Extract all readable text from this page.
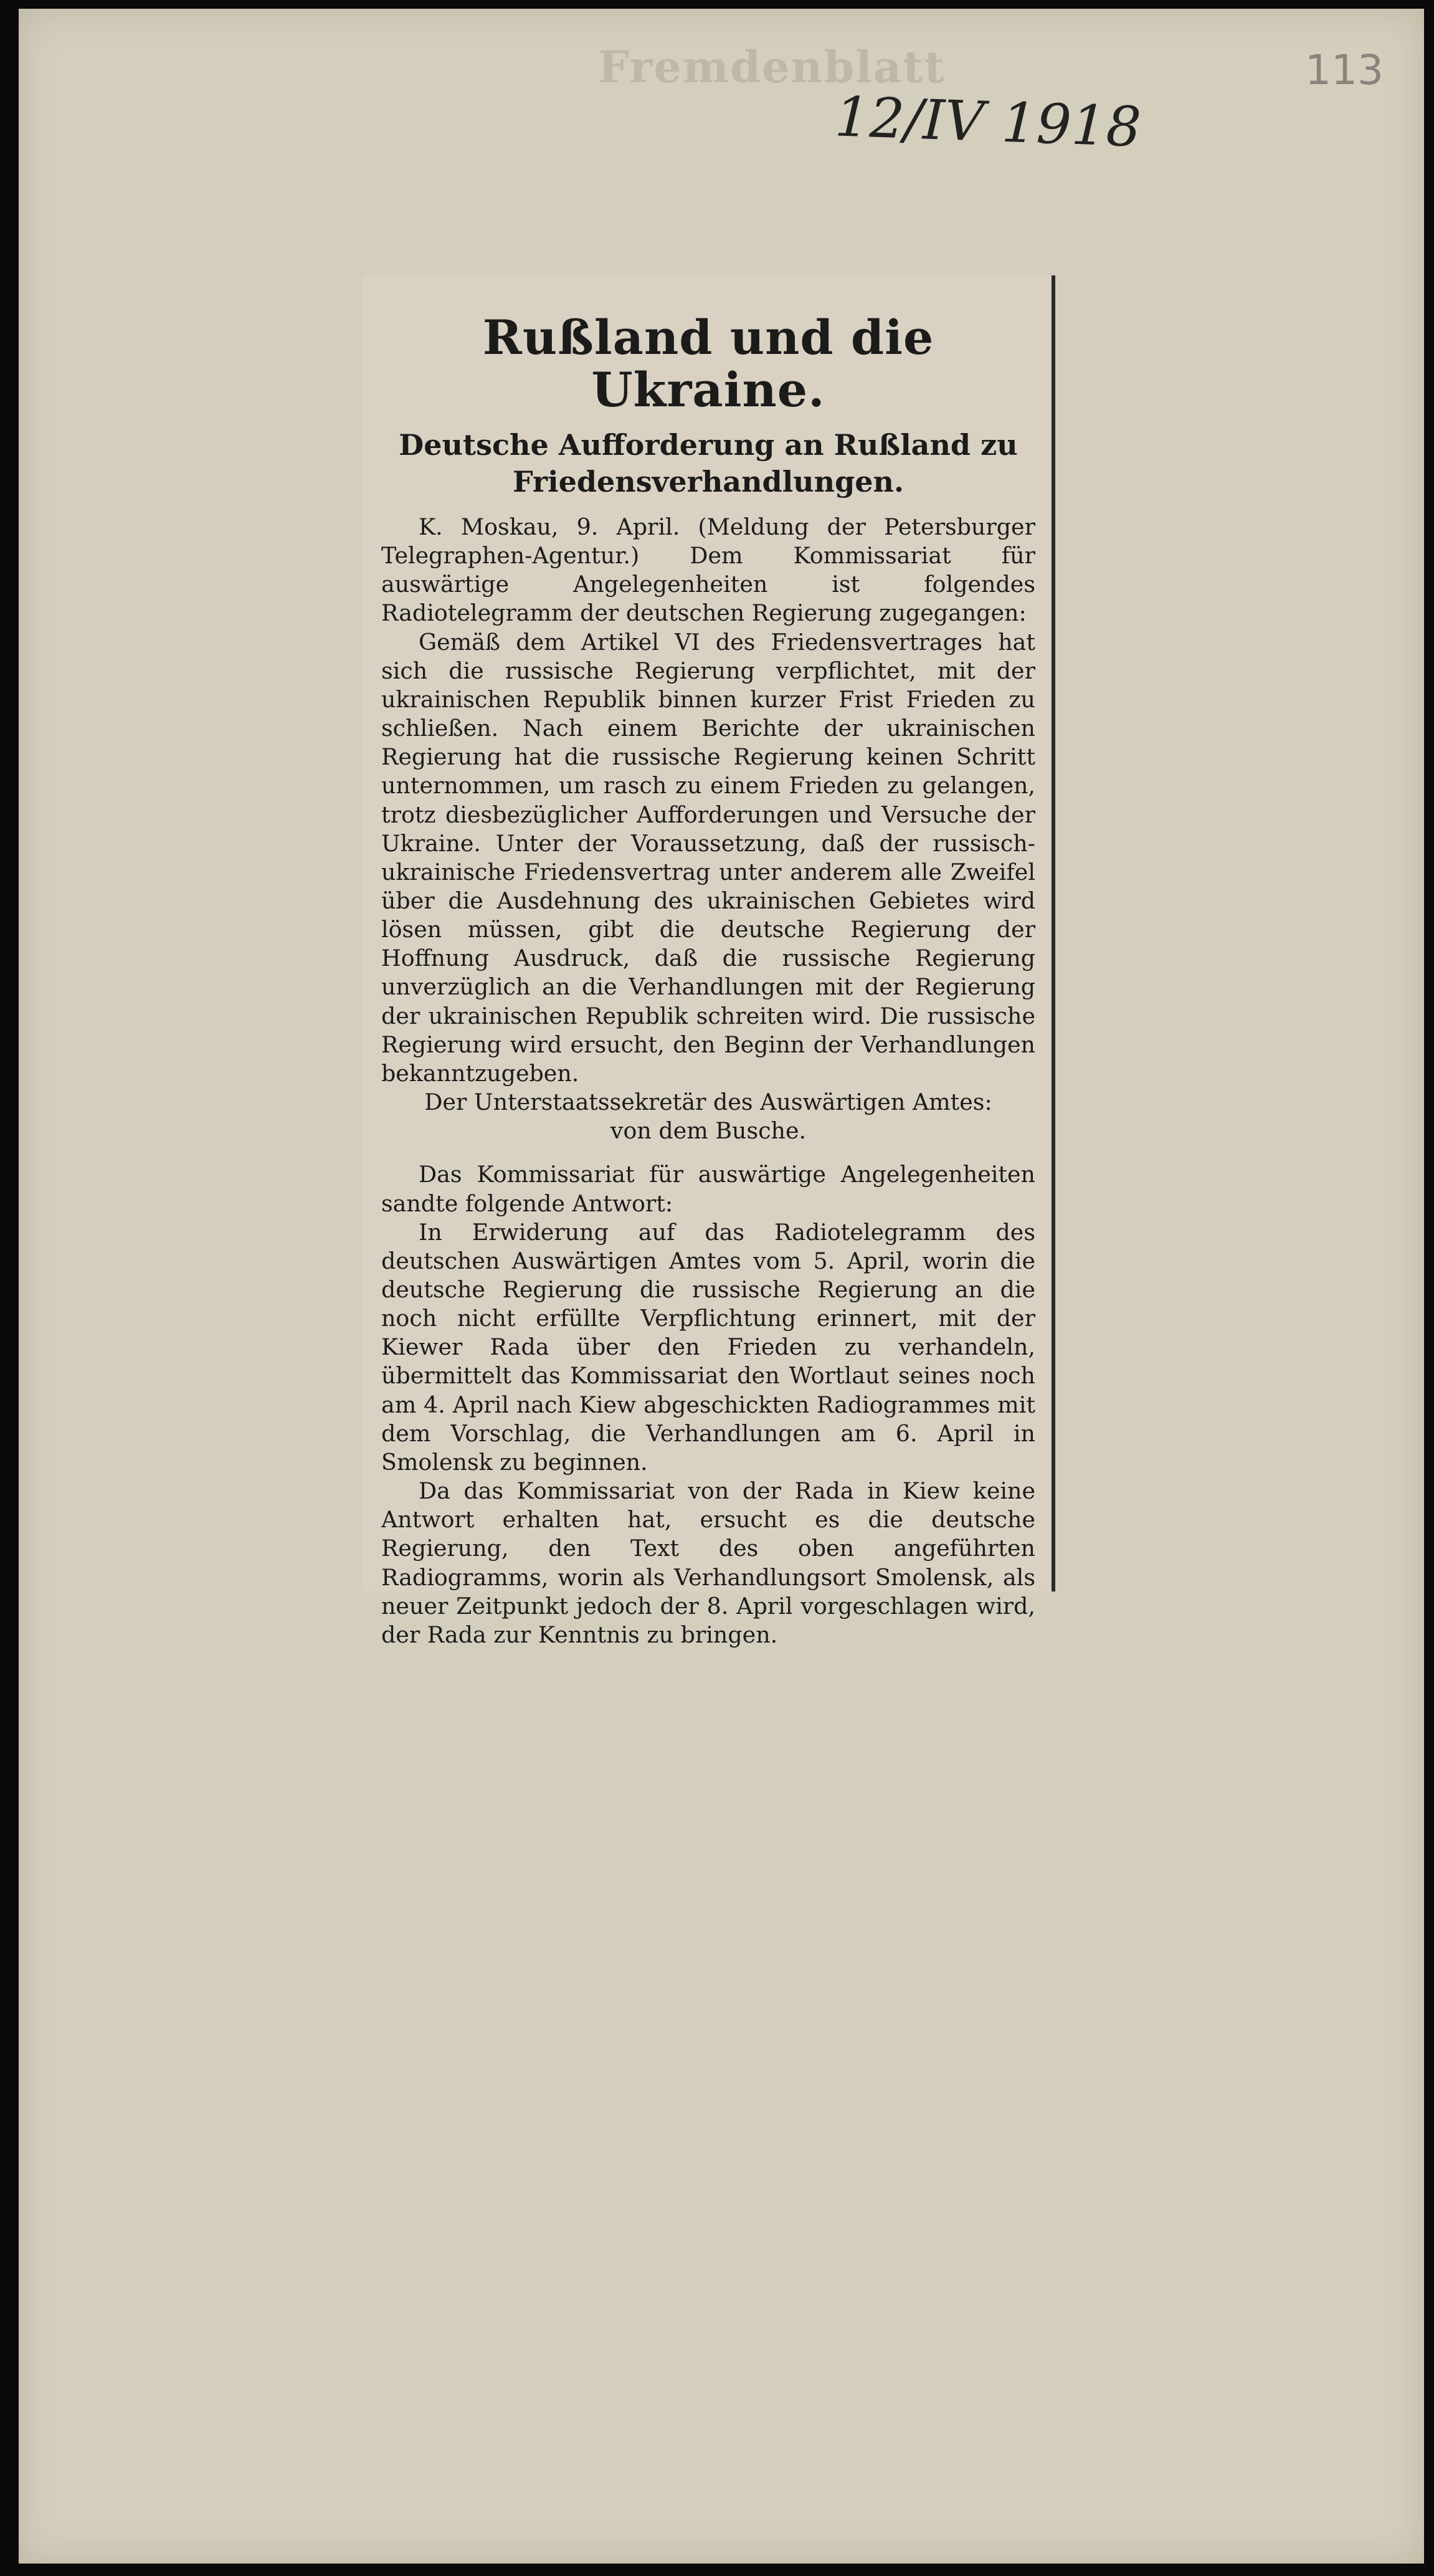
Fremdenblatt
12/IV 1918
113
Rußland und die Ukraine.
Deutsche Aufforderung an Rußland zu Friedensverhandlungen.

K. Moskau, 9. April. (Meldung der Petersburger Telegraphen-Agentur.) Dem Kommissariat für auswärtige Angelegenheiten ist folgendes Radiotelegramm der deutschen Regierung zugegangen:

Gemäß dem Artikel VI des Friedensvertrages hat sich die russische Regierung verpflichtet, mit der ukrainischen Republik binnen kurzer Frist Frieden zu schließen. Nach einem Berichte der ukrainischen Regierung hat die russische Regierung keinen Schritt unternommen, um rasch zu einem Frieden zu gelangen, trotz diesbezüglicher Aufforderungen und Versuche der Ukraine. Unter der Voraussetzung, daß der russisch-ukrainische Friedensvertrag unter anderem alle Zweifel über die Ausdehnung des ukrainischen Gebietes wird lösen müssen, gibt die deutsche Regierung der Hoffnung Ausdruck, daß die russische Regierung unverzüglich an die Verhandlungen mit der Regierung der ukrainischen Republik schreiten wird. Die russische Regierung wird ersucht, den Beginn der Verhandlungen bekanntzugeben.

Der Unterstaatssekretär des Auswärtigen Amtes:
von dem Busche.

Das Kommissariat für auswärtige Angelegenheiten sandte folgende Antwort:

In Erwiderung auf das Radiotelegramm des deutschen Auswärtigen Amtes vom 5. April, worin die deutsche Regierung die russische Regierung an die noch nicht erfüllte Verpflichtung erinnert, mit der Kiewer Rada über den Frieden zu verhandeln, übermittelt das Kommissariat den Wortlaut seines noch am 4. April nach Kiew abgeschickten Radiogrammes mit dem Vorschlag, die Verhandlungen am 6. April in Smolensk zu beginnen.

Da das Kommissariat von der Rada in Kiew keine Antwort erhalten hat, ersucht es die deutsche Regierung, den Text des oben angeführten Radiogramms, worin als Verhandlungsort Smolensk, als neuer Zeitpunkt jedoch der 8. April vorgeschlagen wird, der Rada zur Kenntnis zu bringen.
